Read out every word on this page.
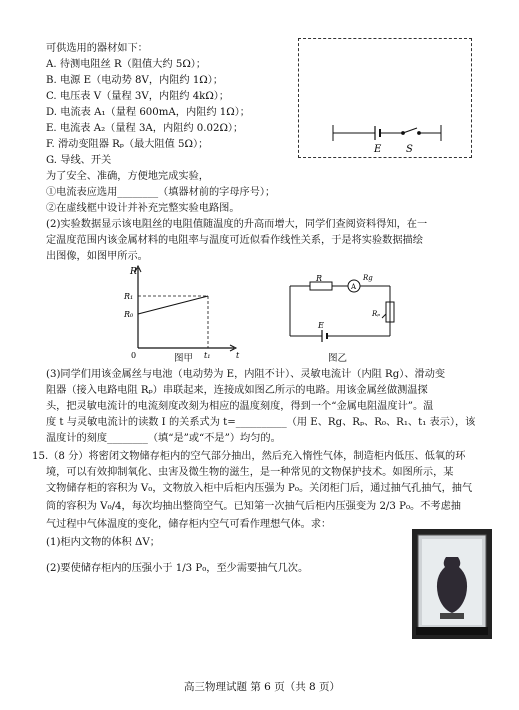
可供选用的器材如下：
A. 待测电阻丝 R（阻值大约 5Ω）；
B. 电源 E（电动势 8V，内阻约 1Ω）；
C. 电压表 V（量程 3V，内阻约 4kΩ）；
D. 电流表 A₁（量程 600mA，内阻约 1Ω）；
E. 电流表 A₂（量程 3A，内阻约 0.02Ω）；
F. 滑动变阻器 Rₚ（最大阻值 5Ω）；
G. 导线、开关
E S
为了安全、准确，方便地完成实验，
①电流表应选用________（填器材前的字母序号）；
②在虚线框中设计并补充完整实验电路图。
(2)实验数据显示该电阻丝的电阻值随温度的升高而增大，同学们查阅资料得知，在一
定温度范围内该金属材料的电阻率与温度可近似看作线性关系，于是将实验数据描绘
出图像，如图甲所示。
R
R₁
R₀
0	t₁	t
图甲
R
A
Rg
Rₚ
E
图乙
(3)同学们用该金属丝与电池（电动势为 E，内阻不计）、灵敏电流计（内阻 Rg）、滑动变
阻器（接入电路电阻 Rₚ）串联起来，连接成如图乙所示的电路。用该金属丝做测温探
头，把灵敏电流计的电流刻度改刻为相应的温度刻度，得到一个“金属电阻温度计”。温
度 t 与灵敏电流计的读数 I 的关系式为 t=__________（用 E、Rg、Rₚ、R₀、R₁、t₁ 表示），该
温度计的刻度________（填“是”或“不是”）均匀的。
15.（8 分）将密闭文物储存柜内的空气部分抽出，然后充入惰性气体，制造柜内低压、低氧的环
境，可以有效抑制氧化、虫害及微生物的滋生，是一种常见的文物保护技术。如图所示，某
文物储存柜的容积为 V₀，文物放入柜中后柜内压强为 P₀。关闭柜门后，通过抽气孔抽气，抽气
筒的容积为 V₀/4，每次均抽出整筒空气。已知第一次抽气后柜内压强变为 2/3 P₀。不考虑抽
气过程中气体温度的变化，储存柜内空气可看作理想气体。求：
(1)柜内文物的体积 ΔV；
(2)要使储存柜内的压强小于 1/3 P₀，至少需要抽气几次。
高三物理试题 第 6 页（共 8 页）
